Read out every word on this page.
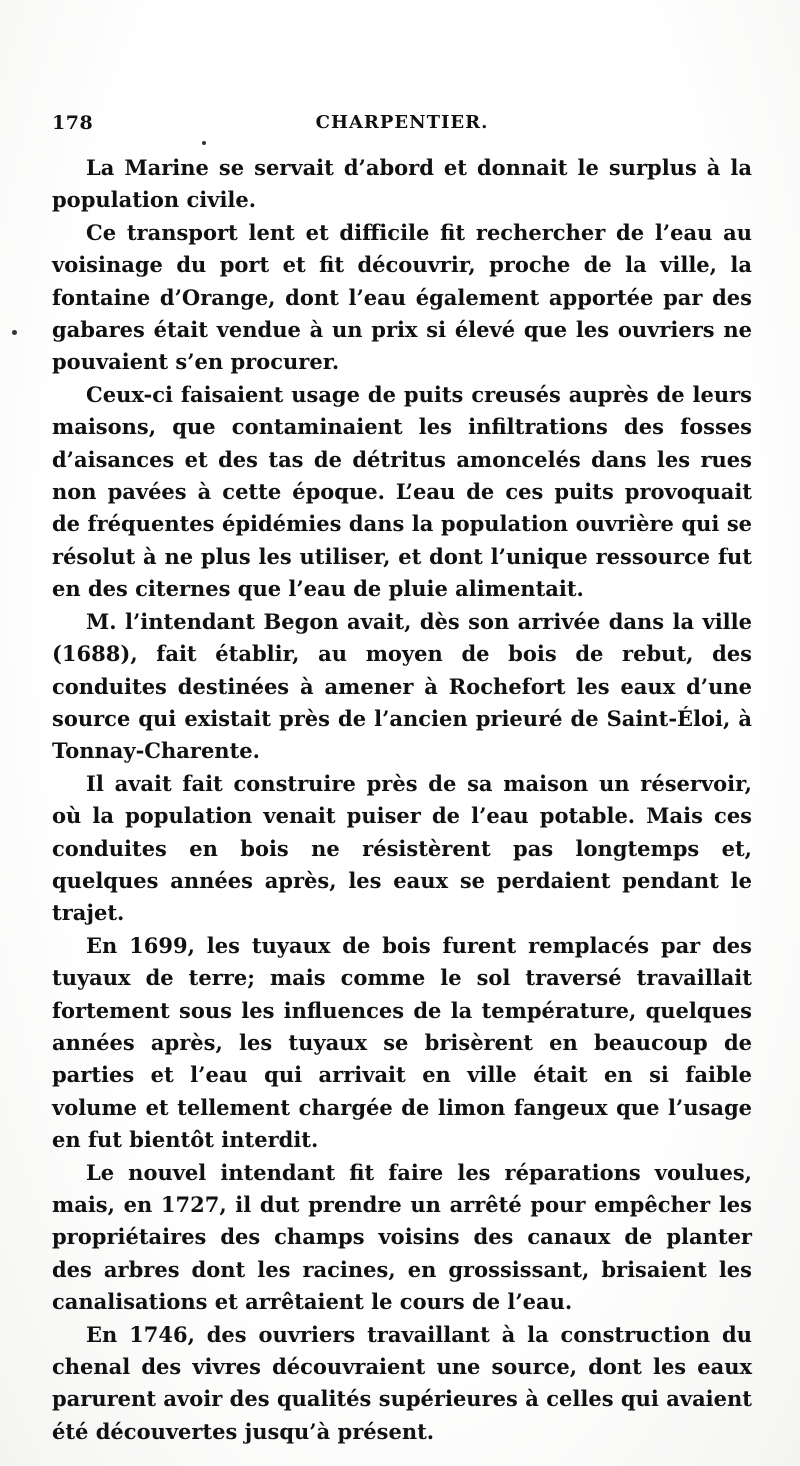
178	CHARPENTIER.

La Marine se servait d’abord et donnait le surplus à la population civile.

Ce transport lent et difficile fit rechercher de l’eau au voisinage du port et fit découvrir, proche de la ville, la fontaine d’Orange, dont l’eau également apportée par des gabares était vendue à un prix si élevé que les ouvriers ne pouvaient s’en procurer.

Ceux-ci faisaient usage de puits creusés auprès de leurs maisons, que contaminaient les infiltrations des fosses d’aisances et des tas de détritus amoncelés dans les rues non pavées à cette époque. L’eau de ces puits provoquait de fréquentes épidémies dans la population ouvrière qui se résolut à ne plus les utiliser, et dont l’unique ressource fut en des citernes que l’eau de pluie alimentait.

M. l’intendant Begon avait, dès son arrivée dans la ville (1688), fait établir, au moyen de bois de rebut, des conduites destinées à amener à Rochefort les eaux d’une source qui existait près de l’ancien prieuré de Saint-Éloi, à Tonnay-Charente.

Il avait fait construire près de sa maison un réservoir, où la population venait puiser de l’eau potable. Mais ces conduites en bois ne résistèrent pas longtemps et, quelques années après, les eaux se perdaient pendant le trajet.

En 1699, les tuyaux de bois furent remplacés par des tuyaux de terre; mais comme le sol traversé travaillait fortement sous les influences de la température, quelques années après, les tuyaux se brisèrent en beaucoup de parties et l’eau qui arrivait en ville était en si faible volume et tellement chargée de limon fangeux que l’usage en fut bientôt interdit.

Le nouvel intendant fit faire les réparations voulues, mais, en 1727, il dut prendre un arrêté pour empêcher les propriétaires des champs voisins des canaux de planter des arbres dont les racines, en grossissant, brisaient les canalisations et arrêtaient le cours de l’eau.

En 1746, des ouvriers travaillant à la construction du chenal des vivres découvraient une source, dont les eaux parurent avoir des qualités supérieures à celles qui avaient été découvertes jusqu’à présent.
